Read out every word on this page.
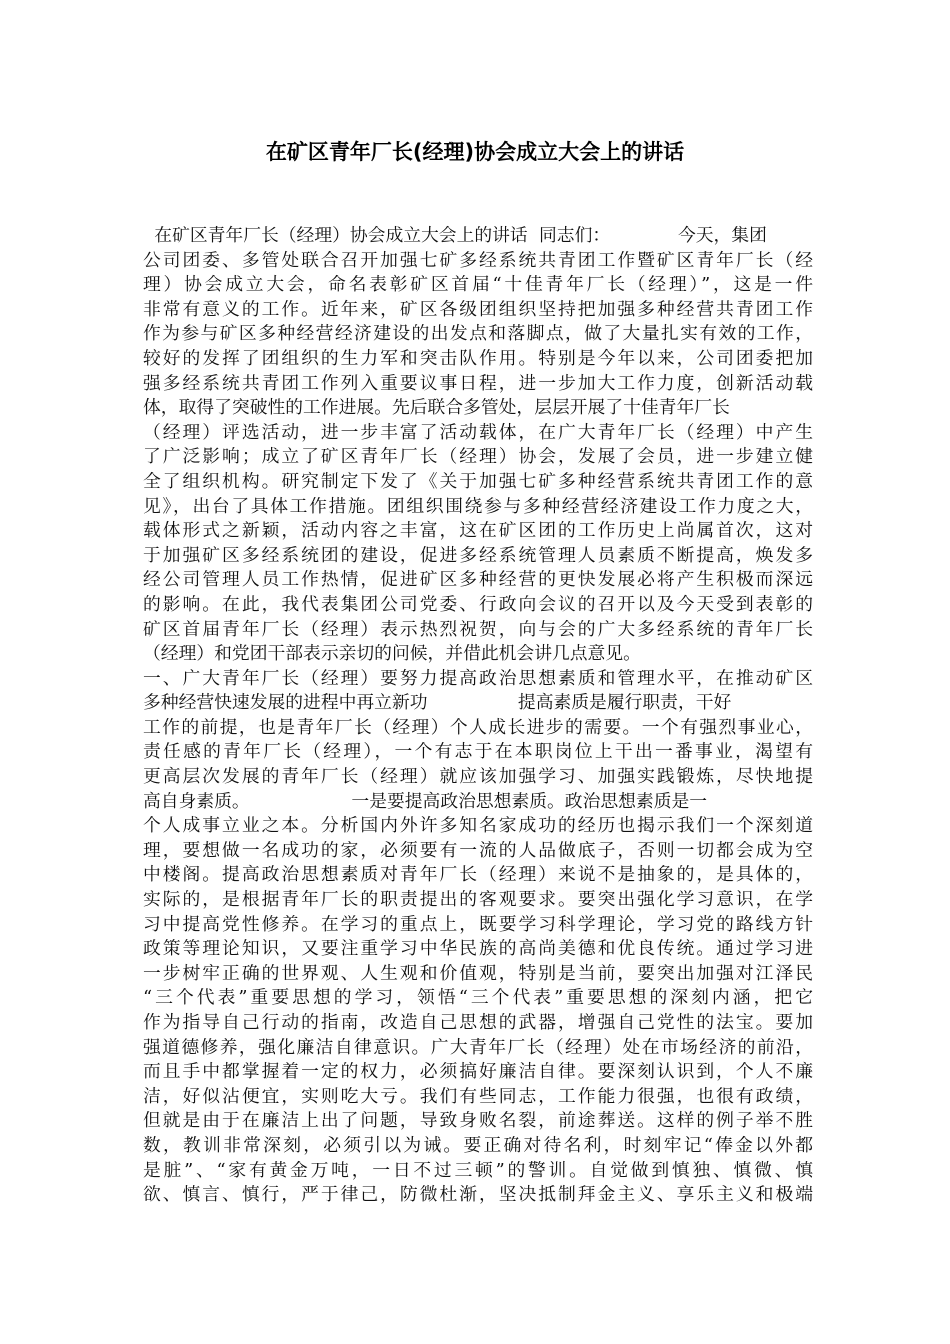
在矿区青年厂长(经理)协会成立大会上的讲话
在矿区青年厂长（经理）协会成立大会上的讲话  同志们：            今天，集团
公司团委、多管处联合召开加强七矿多经系统共青团工作暨矿区青年厂长（经
理）协会成立大会，命名表彰矿区首届“十佳青年厂长（经理）”，这是一件
非常有意义的工作。近年来，矿区各级团组织坚持把加强多种经营共青团工作
作为参与矿区多种经营经济建设的出发点和落脚点，做了大量扎实有效的工作，
较好的发挥了团组织的生力军和突击队作用。特别是今年以来，公司团委把加
强多经系统共青团工作列入重要议事日程，进一步加大工作力度，创新活动载
体，取得了突破性的工作进展。先后联合多管处，层层开展了十佳青年厂长
（经理）评选活动，进一步丰富了活动载体，在广大青年厂长（经理）中产生
了广泛影响；成立了矿区青年厂长（经理）协会，发展了会员，进一步建立健
全了组织机构。研究制定下发了《关于加强七矿多种经营系统共青团工作的意
见》，出台了具体工作措施。团组织围绕参与多种经营经济建设工作力度之大，
载体形式之新颖，活动内容之丰富，这在矿区团的工作历史上尚属首次，这对
于加强矿区多经系统团的建设，促进多经系统管理人员素质不断提高，焕发多
经公司管理人员工作热情，促进矿区多种经营的更快发展必将产生积极而深远
的影响。在此，我代表集团公司党委、行政向会议的召开以及今天受到表彰的
矿区首届青年厂长（经理）表示热烈祝贺，向与会的广大多经系统的青年厂长
（经理）和党团干部表示亲切的问候，并借此机会讲几点意见。
一、广大青年厂长（经理）要努力提高政治思想素质和管理水平，在推动矿区
多种经营快速发展的进程中再立新功                提高素质是履行职责，干好
工作的前提，也是青年厂长（经理）个人成长进步的需要。一个有强烈事业心，
责任感的青年厂长（经理），一个有志于在本职岗位上干出一番事业，渴望有
更高层次发展的青年厂长（经理）就应该加强学习、加强实践锻炼，尽快地提
高自身素质。                  一是要提高政治思想素质。政治思想素质是一
个人成事立业之本。分析国内外许多知名家成功的经历也揭示我们一个深刻道
理，要想做一名成功的家，必须要有一流的人品做底子，否则一切都会成为空
中楼阁。提高政治思想素质对青年厂长（经理）来说不是抽象的，是具体的，
实际的，是根据青年厂长的职责提出的客观要求。要突出强化学习意识，在学
习中提高党性修养。在学习的重点上，既要学习科学理论，学习党的路线方针
政策等理论知识，又要注重学习中华民族的高尚美德和优良传统。通过学习进
一步树牢正确的世界观、人生观和价值观，特别是当前，要突出加强对江泽民
“三个代表”重要思想的学习，领悟“三个代表”重要思想的深刻内涵，把它
作为指导自己行动的指南，改造自己思想的武器，增强自己党性的法宝。要加
强道德修养，强化廉洁自律意识。广大青年厂长（经理）处在市场经济的前沿，
而且手中都掌握着一定的权力，必须搞好廉洁自律。要深刻认识到，个人不廉
洁，好似沾便宜，实则吃大亏。我们有些同志，工作能力很强，也很有政绩，
但就是由于在廉洁上出了问题，导致身败名裂，前途葬送。这样的例子举不胜
数，教训非常深刻，必须引以为诫。要正确对待名利，时刻牢记“俸金以外都
是脏”、“家有黄金万吨，一日不过三顿”的警训。自觉做到慎独、慎微、慎
欲、慎言、慎行，严于律己，防微杜渐，坚决抵制拜金主义、享乐主义和极端
